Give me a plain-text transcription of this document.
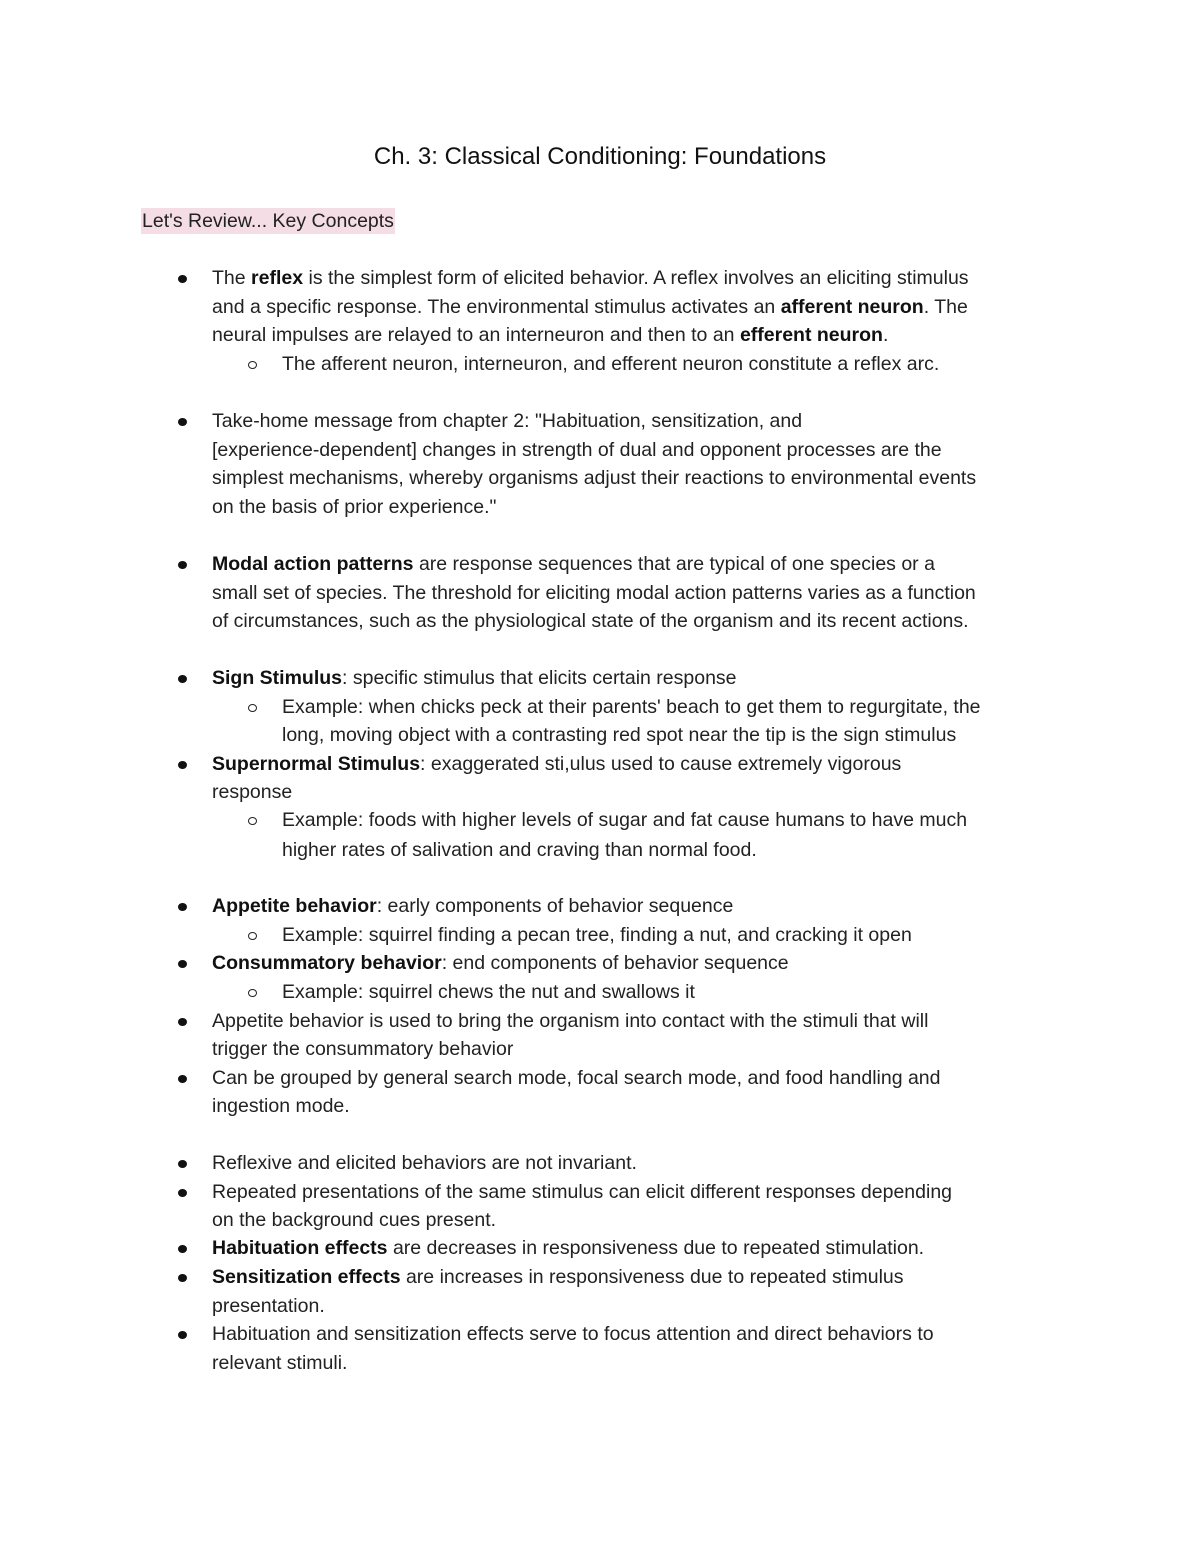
Ch. 3: Classical Conditioning: Foundations
Let's Review... Key Concepts
The reflex is the simplest form of elicited behavior. A reflex involves an eliciting stimulus
and a specific response. The environmental stimulus activates an afferent neuron. The
neural impulses are relayed to an interneuron and then to an efferent neuron.
The afferent neuron, interneuron, and efferent neuron constitute a reflex arc.
Take-home message from chapter 2: "Habituation, sensitization, and
[experience-dependent] changes in strength of dual and opponent processes are the
simplest mechanisms, whereby organisms adjust their reactions to environmental events
on the basis of prior experience."
Modal action patterns are response sequences that are typical of one species or a
small set of species. The threshold for eliciting modal action patterns varies as a function
of circumstances, such as the physiological state of the organism and its recent actions.
Sign Stimulus: specific stimulus that elicits certain response
Example: when chicks peck at their parents' beach to get them to regurgitate, the
long, moving object with a contrasting red spot near the tip is the sign stimulus
Supernormal Stimulus: exaggerated sti,ulus used to cause extremely vigorous
response
Example: foods with higher levels of sugar and fat cause humans to have much
higher rates of salivation and craving than normal food.
Appetite behavior: early components of behavior sequence
Example: squirrel finding a pecan tree, finding a nut, and cracking it open
Consummatory behavior: end components of behavior sequence
Example: squirrel chews the nut and swallows it
Appetite behavior is used to bring the organism into contact with the stimuli that will
trigger the consummatory behavior
Can be grouped by general search mode, focal search mode, and food handling and
ingestion mode.
Reflexive and elicited behaviors are not invariant.
Repeated presentations of the same stimulus can elicit different responses depending
on the background cues present.
Habituation effects are decreases in responsiveness due to repeated stimulation.
Sensitization effects are increases in responsiveness due to repeated stimulus
presentation.
Habituation and sensitization effects serve to focus attention and direct behaviors to
relevant stimuli.
